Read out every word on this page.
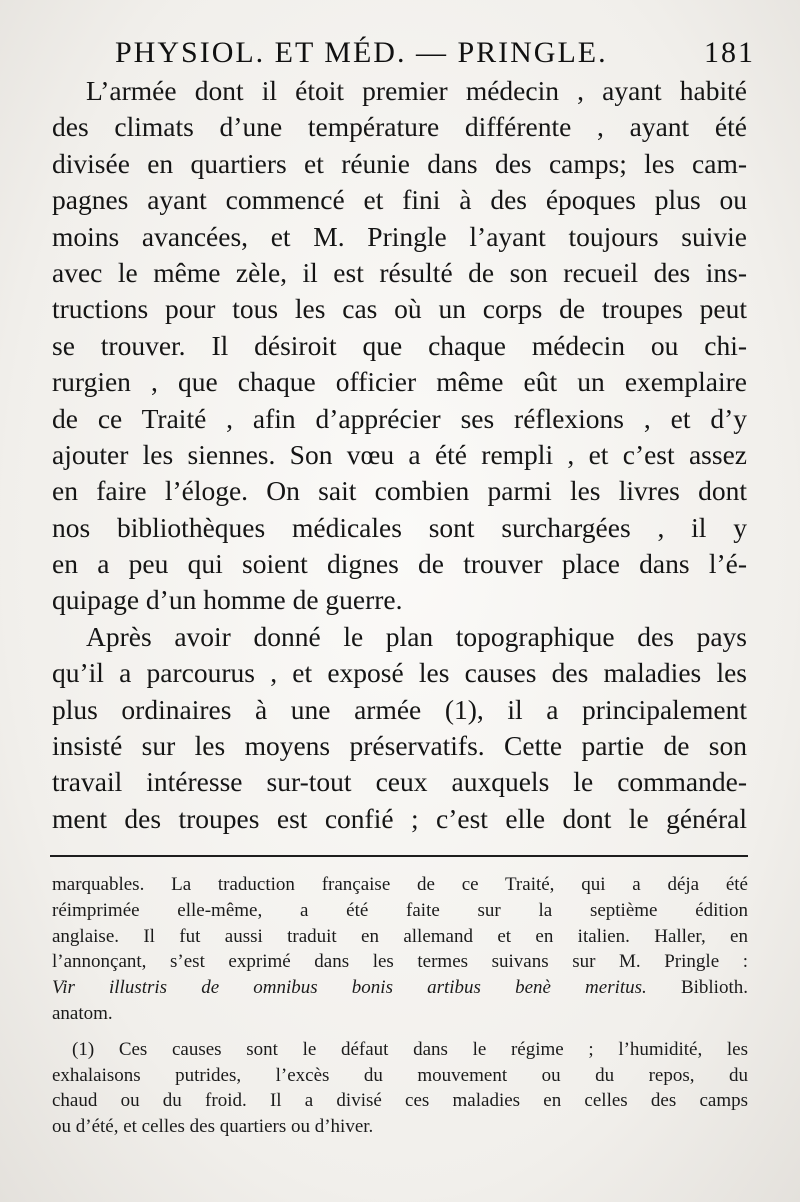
PHYSIOL. ET MÉD. — PRINGLE.	181
L’armée dont il étoit premier médecin , ayant habité
des climats d’une température différente , ayant été
divisée en quartiers et réunie dans des camps; les cam-
pagnes ayant commencé et fini à des époques plus ou
moins avancées, et M. Pringle l’ayant toujours suivie
avec le même zèle, il est résulté de son recueil des ins-
tructions pour tous les cas où un corps de troupes peut
se trouver. Il désiroit que chaque médecin ou chi-
rurgien , que chaque officier même eût un exemplaire
de ce Traité , afin d’apprécier ses réflexions , et d’y
ajouter les siennes. Son vœu a été rempli , et c’est assez
en faire l’éloge. On sait combien parmi les livres dont
nos bibliothèques médicales sont surchargées , il y
en a peu qui soient dignes de trouver place dans l’é-
quipage d’un homme de guerre.
Après avoir donné le plan topographique des pays
qu’il a parcourus , et exposé les causes des maladies les
plus ordinaires à une armée (1), il a principalement
insisté sur les moyens préservatifs. Cette partie de son
travail intéresse sur-tout ceux auxquels le commande-
ment des troupes est confié ; c’est elle dont le général
marquables. La traduction française de ce Traité, qui a déja été
réimprimée elle-même, a été faite sur la septième édition
anglaise. Il fut aussi traduit en allemand et en italien. Haller, en
l’annonçant, s’est exprimé dans les termes suivans sur M. Pringle :
Vir illustris de omnibus bonis artibus benè meritus. Biblioth.
anatom.
(1) Ces causes sont le défaut dans le régime ; l’humidité, les
exhalaisons putrides, l’excès du mouvement ou du repos, du
chaud ou du froid. Il a divisé ces maladies en celles des camps
ou d’été, et celles des quartiers ou d’hiver.
